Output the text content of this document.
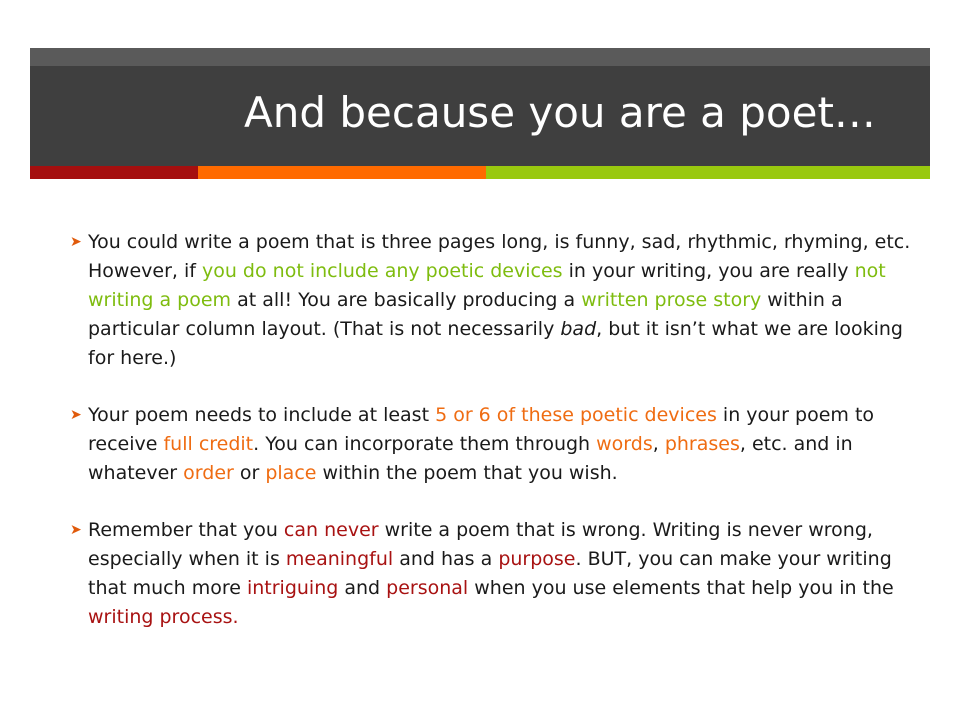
And because you are a poet…
➤ You could write a poem that is three pages long, is funny, sad, rhythmic, rhyming, etc. However, if you do not include any poetic devices in your writing, you are really not writing a poem at all! You are basically producing a written prose story within a particular column layout. (That is not necessarily bad, but it isn’t what we are looking for here.)
➤ Your poem needs to include at least 5 or 6 of these poetic devices in your poem to receive full credit. You can incorporate them through words, phrases, etc. and in whatever order or place within the poem that you wish.
➤ Remember that you can never write a poem that is wrong. Writing is never wrong, especially when it is meaningful and has a purpose. BUT, you can make your writing that much more intriguing and personal when you use elements that help you in the writing process.
